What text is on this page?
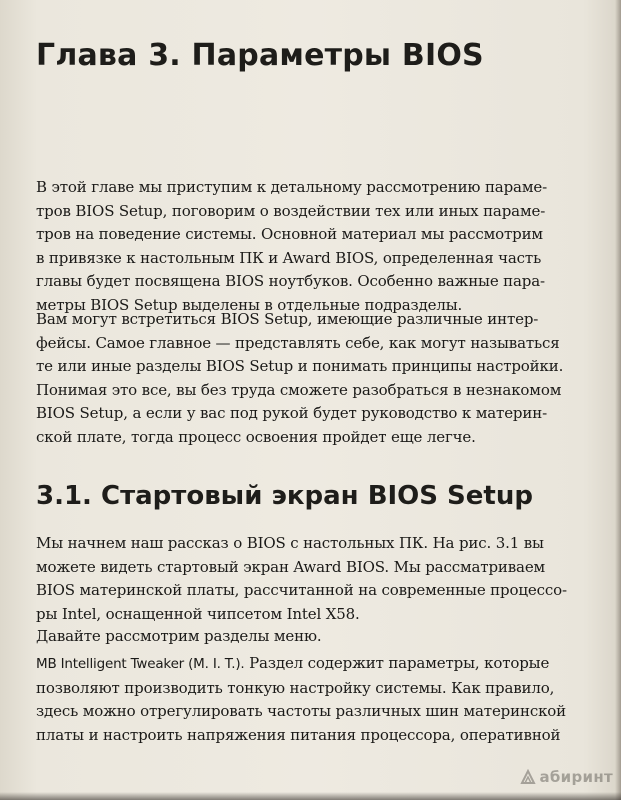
Глава 3. Параметры BIOS
В этой главе мы приступим к детальному рассмотрению параме-
тров BIOS Setup, поговорим о воздействии тех или иных парамe-
тров на поведение системы. Основной материал мы рассмотрим
в привязке к настольным ПК и Award BIOS, определенная часть
главы будет посвящена BIOS ноутбуков. Особенно важные пара-
метры BIOS Setup выделены в отдельные подразделы.
Вам могут встретиться BIOS Setup, имеющие различные интер-
фейсы. Самое главное — представлять себе, как могут называться
те или иные разделы BIOS Setup и понимать принципы настройки.
Понимая это все, вы без труда сможете разобраться в незнакомом
BIOS Setup, а если у вас под рукой будет руководство к материн-
ской плате, тогда процесс освоения пройдет еще легче.
3.1. Стартовый экран BIOS Setup
Мы начнем наш рассказ о BIOS с настольных ПК. На рис. 3.1 вы
можете видеть стартовый экран Award BIOS. Мы рассматриваем
BIOS материнской платы, рассчитанной на современные процессо-
ры Intel, оснащенной чипсетом Intel X58.
Давайте рассмотрим разделы меню.
MB Intelligent Tweaker (M. I. T.). Раздел содержит параметры, которые
позволяют производить тонкую настройку системы. Как правило,
здесь можно отрегулировать частоты различных шин материнской
платы и настроить напряжения питания процессора, оперативной
абиринт
